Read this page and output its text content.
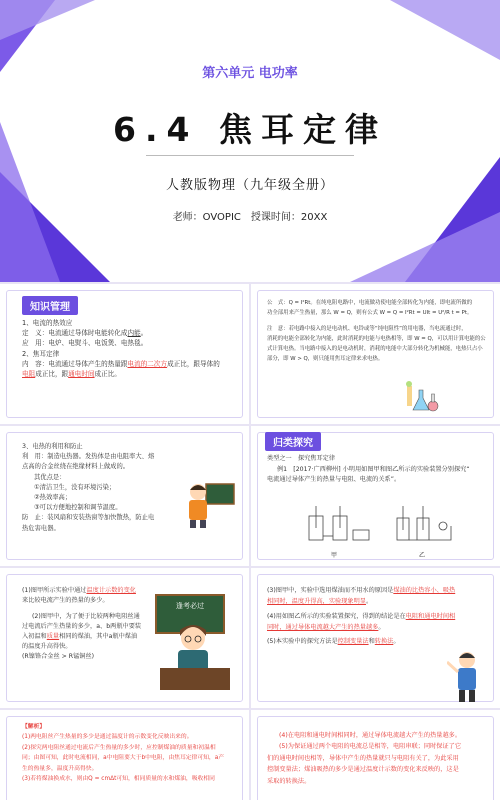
第六单元 电功率
6.4 焦耳定律
人教版物理（九年级全册）
老师：OVOPIC　授课时间：20XX
知识管理
1、电流的热效应
定　义：电流通过导体时电能转化成内能。
应　用：电炉、电熨斗、电饭煲、电热毯。
2、焦耳定律
内　容：电流通过导体产生的热量跟电流的二次方成正比，跟导体的
电阻成正比，跟通电时间成正比。
公　式：Q = I²Rt。在纯电阻电路中，电流做功使电能全部转化为内能，即电流所做的
功全部用来产生热量，那么 W = Q，则有公式 W = Q = I²Rt = UIt = U²/R t = Pt。
注　意：若电路中接入的是电动机、电铃或等“纯电阻性”的用电器，当电流通过时，
消耗的电能全部转化为内能，此时消耗的电能与电热相等，即 W = Q，可以用计算电能的公
式计算电热。当电路中接入的是电动机时，消耗的电能中大部分转化为机械能，电热只占小
部分，即 W > Q，则只能用焦耳定律来求电热。
3、电热的利用和防止
利　用：制造电热器。发热体是由电阻率大、熔
点高的合金丝绕在绝缘材料上做成的。
其优点是：
①清洁卫生，没有环境污染；
②热效率高；
③可以方便地控制和调节温度。
防　止：装风扇和安装热窗等加快散热，防止电
热危害电器。
归类探究
类型之一　探究焦耳定律
例1　[2017·广西柳州] 小明用如图甲和图乙所示的实验装置分别探究“
电流通过导体产生的热量与电阻、电流的关系”。
甲	乙
(1)图甲所示实验中通过温度计示数的变化
来比较电流产生的热量的多少。
(2)图甲中，为了便于比较两种电阻丝通
过电流后产生热量的多少，a、b两瓶中要装
入初温和质量相同的煤油，其中a瓶中煤油
的温度升高得快。
(R镍铬合金丝 > R锰铜丝)
逢考必过
(3)图甲中，实验中选用煤油而不用水的原因是煤油的比热容小、吸热
相同时，温度升得高，实验现象明显。
(4)用如图乙所示的实验装置探究，得到的结论是在电阻和通电时间相
同时，通过导体电流越大产生的热量越多。
(5)本实验中的探究方法是控制变量法和转换法。
【解析】
(1)两电阻丝产生热量的多少是通过温度计的示数变化反映出来的。
(2)探究两电阻丝通过电流后产生热量的多少时，应控制煤油的质量和初温相
同；由图可知，此时电流相同，a中电阻要大于b中电阻，由焦耳定律可知，a产
生的热量多，温度升高得快。
(3)若将煤油换成水，则由Q = cmΔt可知，相同质量的水和煤油，吸收相同
(4)在电阻和通电时间相同时，通过导体电流越大产生的热量越多。
(5)为保证通过两个电阻的电流总是相等，电阻串联；同时保证了它
们的通电时间也相等，导体中产生的热量就只与电阻有关了，为此采用
控制变量法；煤油吸热的多少是通过温度计示数的变化来反映的，这是
采取的转换法。
